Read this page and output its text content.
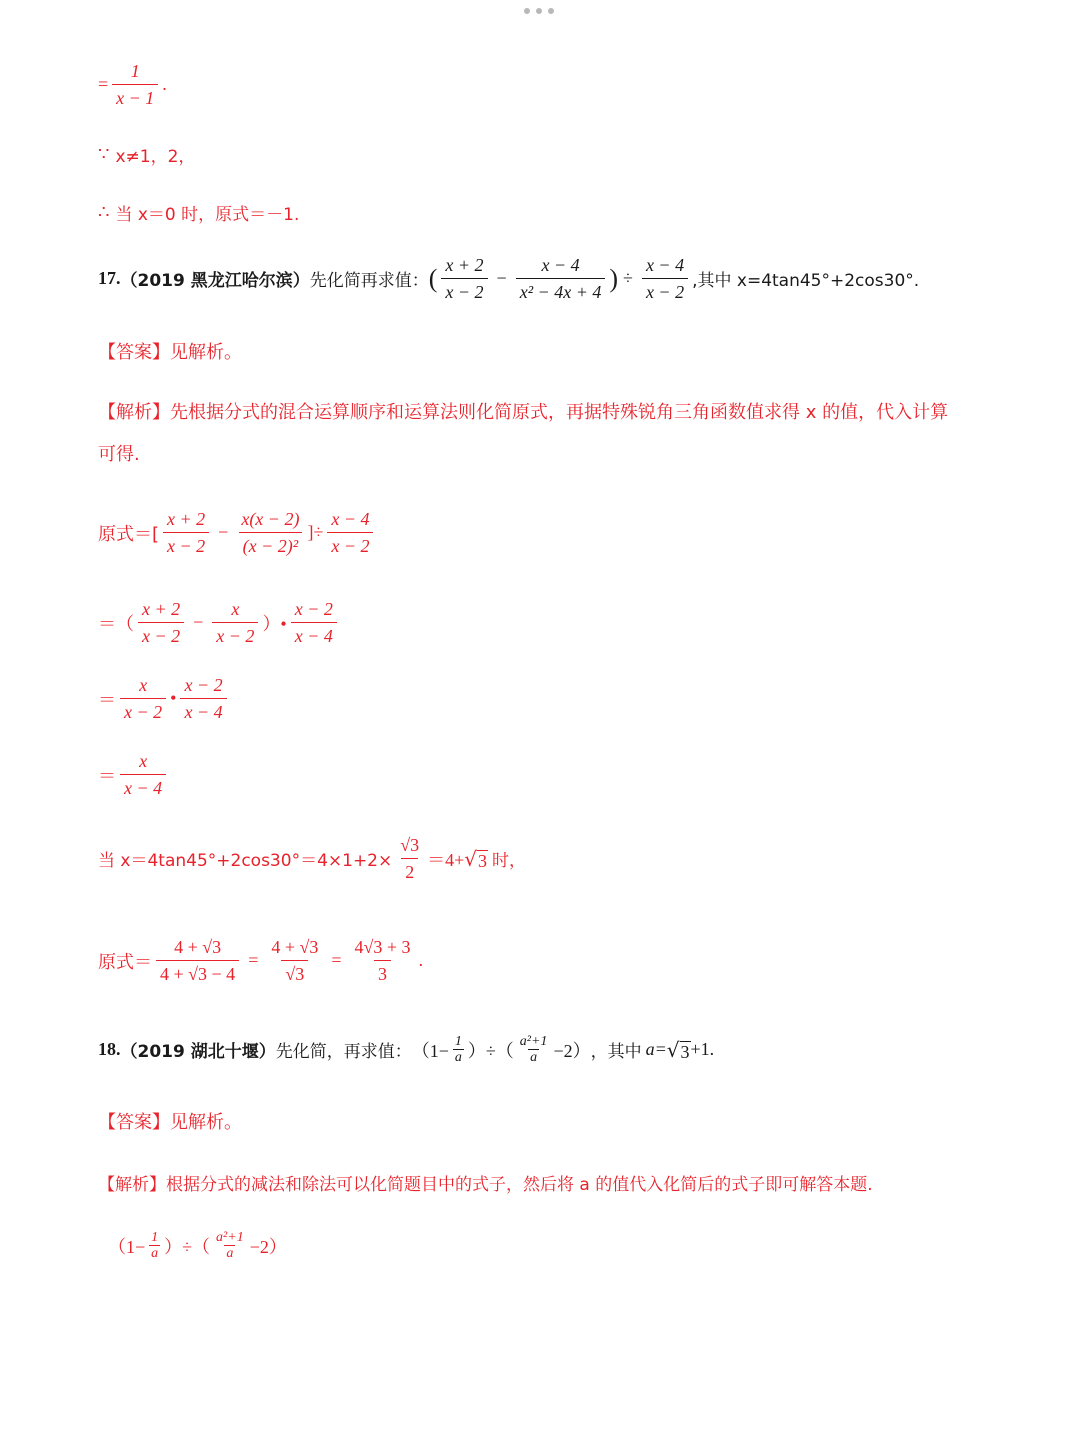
= $\frac{1}{x - 1}$ .
∵ x≠1，2，
∴ 当 x＝0 时，原式＝－1.
17. （2019 黑龙江哈尔滨） 先化简再求值： ( $\frac{x + 2}{x - 2} - \frac{x - 4}{\text{x² − 4x + 4}}$ ) ÷ $\frac{x - 4}{x - 2}$ ,其中 x=4tan45°+2cos30°.
【答案】见解析。
【解析】先根据分式的混合运算顺序和运算法则化简原式，再据特殊锐角三角函数值求得 x 的值，代入计算
可得.
原式＝[ $\frac{x + 2}{x - 2} - \frac{x(x - 2)}{\text{(x − 2)²}}$ ]÷ $\frac{x - 4}{x - 2}$
＝（ $\frac{x + 2}{x - 2} - \frac{x}{x - 2}$ ）• $\frac{x - 2}{x - 4}$
＝ $\frac{x}{x - 2}$ • $\frac{x - 2}{x - 4}$
＝ $\frac{x}{x - 4}$
当 $x=4\tan 45^\circ+2\cos 30^\circ=4\times 1+2\times \frac{√3}{2} =4+$ √ 3 时，
原式＝ $\frac{4 + √3}{4 + √3 - 4} = \frac{4 + √3}{√3} = \frac{4√3 + 3}{3}$ .
18. （2019 湖北十堰） 先化简，再求值： （$1- \frac{1}{a}$ ）÷（ $\frac{\text{a²+1}}{a} -2$） ，其中 a= √ 3 +1.
【答案】见解析。
【解析】根据分式的减法和除法可以化简题目中的式子，然后将 a 的值代入化简后的式子即可解答本题.
（$1- \frac{1}{a}$ ）÷（ $\frac{\text{a²+1}}{a} -2$）
